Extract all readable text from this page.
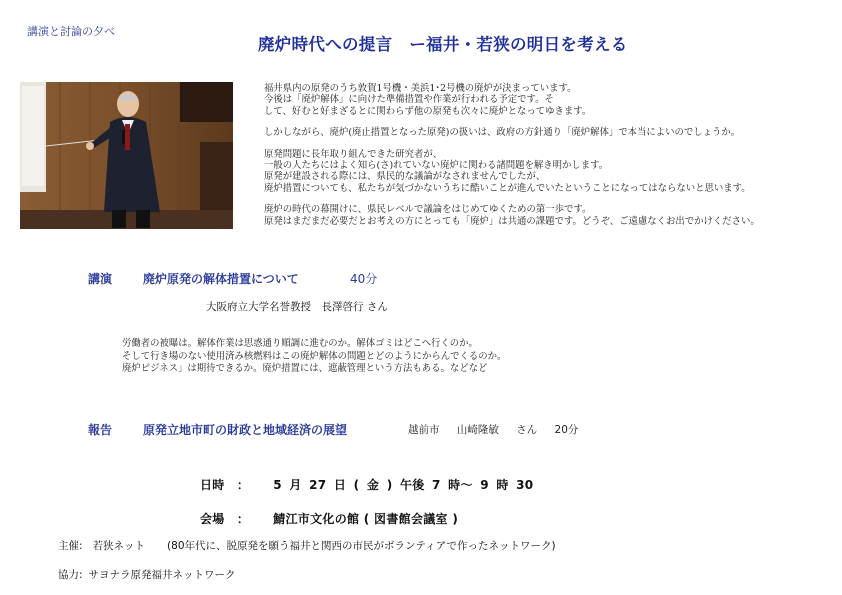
講演と討論の夕べ
廃炉時代への提言　ー福井・若狭の明日を考える

福井県内の原発のうち敦賀1号機・美浜1･2号機の廃炉が決まっています。
今後は「廃炉解体」に向けた準備措置や作業が行われる予定です。そ
して、好むと好まざるとに関わらず他の原発も次々に廃炉となってゆきます。

しかしながら、廃炉(廃止措置となった原発)の扱いは、政府の方針通り「廃炉解体」で本当によいのでしょうか。

原発問題に長年取り組んできた研究者が、
一般の人たちにはよく知ら(さ)れていない廃炉に関わる諸問題を解き明かします。
原発が建設される際には、県民的な議論がなされませんでしたが、
廃炉措置についても、私たちが気づかないうちに酷いことが進んでいたということになってはならないと思います。

廃炉の時代の幕開けに、県民レベルで議論をはじめてゆくための第一歩です。
原発はまだまだ必要だとお考えの方にとっても「廃炉」は共通の課題です。どうぞ、ご遠慮なくお出でかけください。

講演	廃炉原発の解体措置について	40分
大阪府立大学名誉教授　長澤啓行 さん
労働者の被曝は。解体作業は思惑通り順調に進むのか。解体ゴミはどこへ行くのか。
そして行き場のない使用済み核燃料はこの廃炉解体の問題とどのようにからんでくるのか。
廃炉ビジネス」は期待できるか。廃炉措置には、遮蔽管理という方法もある。などなど
報告	原発立地市町の財政と地域経済の展望	越前市 山崎隆敏 さん 20分
日時　： 5 月 27 日 ( 金 ) 午後 7 時〜 9 時 30
会場　： 鯖江市文化の館 ( 図書館会議室 )
主催: 若狭ネット (80年代に、脱原発を願う福井と関西の市民がボランティアで作ったネットワーク)
協力: サヨナラ原発福井ネットワーク
